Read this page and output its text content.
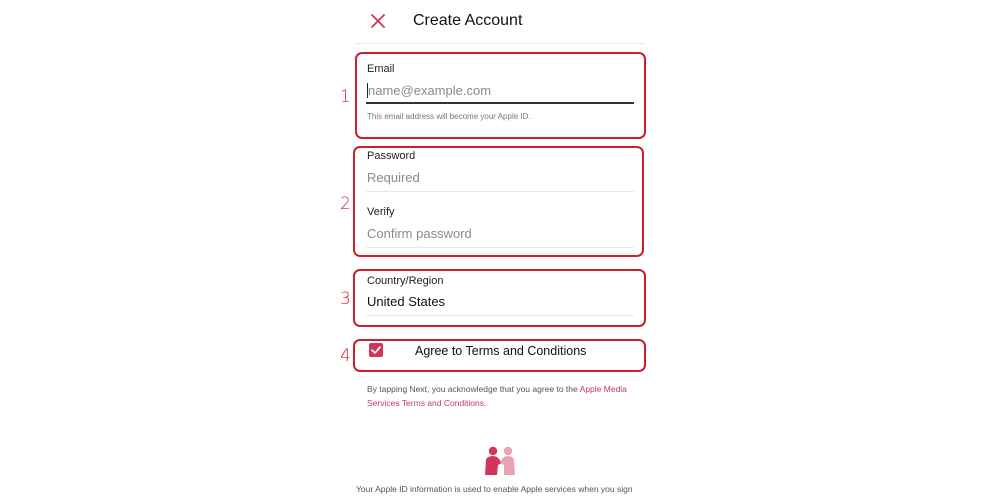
Create Account
1
Email
name@example.com
This email address will become your Apple ID.
2
Password
Verify
3
Country/Region
United States
4	Agree to Terms and Conditions
By tapping Next, you acknowledge that you agree to the Apple Media Services Terms and Conditions.
Your Apple ID information is used to enable Apple services when you sign
